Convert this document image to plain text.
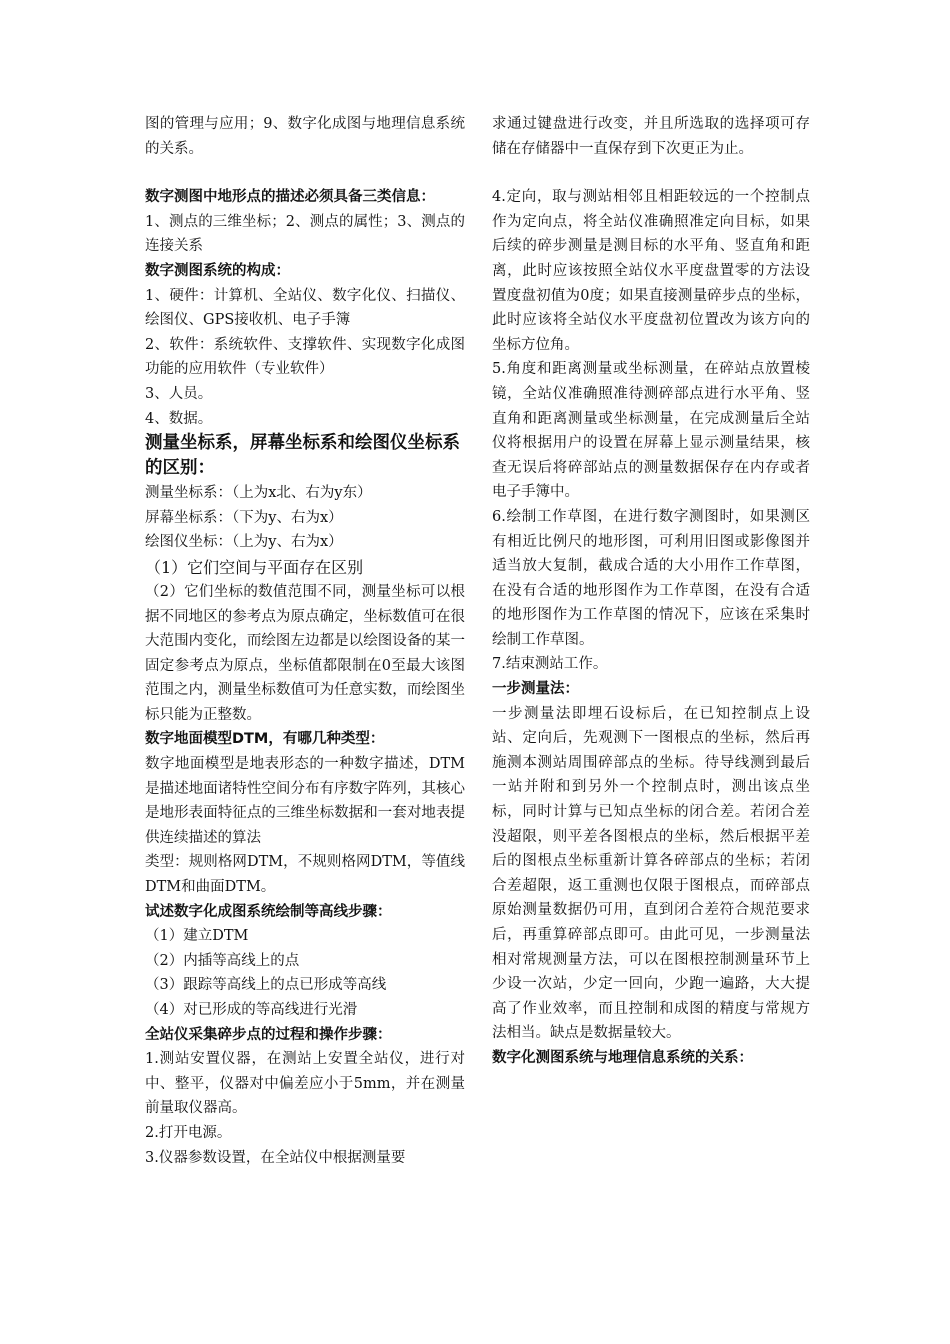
图的管理与应用；9、数字化成图与地理信息系统的关系。
数字测图中地形点的描述必须具备三类信息：
1、测点的三维坐标；2、测点的属性；3、测点的连接关系
数字测图系统的构成：
1、硬件：计算机、全站仪、数字化仪、扫描仪、绘图仪、GPS接收机、电子手簿
2、软件：系统软件、支撑软件、实现数字化成图功能的应用软件（专业软件）
3、人员。
4、数据。
测量坐标系，屏幕坐标系和绘图仪坐标系的区别：
测量坐标系：（上为x北、右为y东）
屏幕坐标系：（下为y、右为x）
绘图仪坐标：（上为y、右为x）
（1）它们空间与平面存在区别
（2）它们坐标的数值范围不同，测量坐标可以根据不同地区的参考点为原点确定，坐标数值可在很大范围内变化，而绘图左边都是以绘图设备的某一固定参考点为原点，坐标值都限制在0至最大该图范围之内，测量坐标数值可为任意实数，而绘图坐标只能为正整数。
数字地面模型DTM，有哪几种类型：
数字地面模型是地表形态的一种数字描述，DTM是描述地面诸特性空间分布有序数字阵列，其核心是地形表面特征点的三维坐标数据和一套对地表提供连续描述的算法
类型：规则格网DTM，不规则格网DTM，等值线DTM和曲面DTM。
试述数字化成图系统绘制等高线步骤：
（1）建立DTM
（2）内插等高线上的点
（3）跟踪等高线上的点已形成等高线
（4）对已形成的等高线进行光滑
全站仪采集碎步点的过程和操作步骤：
1.测站安置仪器，在测站上安置全站仪，进行对中、整平，仪器对中偏差应小于5mm，并在测量前量取仪器高。
2.打开电源。
3.仪器参数设置，在全站仪中根据测量要
求通过键盘进行改变，并且所选取的选择项可存储在存储器中一直保存到下次更正为止。
4.定向，取与测站相邻且相距较远的一个控制点作为定向点，将全站仪准确照准定向目标，如果后续的碎步测量是测目标的水平角、竖直角和距离，此时应该按照全站仪水平度盘置零的方法设置度盘初值为0度；如果直接测量碎步点的坐标，此时应该将全站仪水平度盘初位置改为该方向的坐标方位角。
5.角度和距离测量或坐标测量，在碎站点放置棱镜，全站仪准确照准待测碎部点进行水平角、竖直角和距离测量或坐标测量，在完成测量后全站仪将根据用户的设置在屏幕上显示测量结果，核查无误后将碎部站点的测量数据保存在内存或者电子手簿中。
6.绘制工作草图，在进行数字测图时，如果测区有相近比例尺的地形图，可利用旧图或影像图并适当放大复制，截成合适的大小用作工作草图，在没有合适的地形图作为工作草图，在没有合适的地形图作为工作草图的情况下，应该在采集时绘制工作草图。
7.结束测站工作。
一步测量法：
一步测量法即埋石设标后，在已知控制点上设站、定向后，先观测下一图根点的坐标，然后再施测本测站周围碎部点的坐标。待导线测到最后一站并附和到另外一个控制点时，测出该点坐标，同时计算与已知点坐标的闭合差。若闭合差没超限，则平差各图根点的坐标，然后根据平差后的图根点坐标重新计算各碎部点的坐标；若闭合差超限，返工重测也仅限于图根点，而碎部点原始测量数据仍可用，直到闭合差符合规范要求后，再重算碎部点即可。由此可见，一步测量法相对常规测量方法，可以在图根控制测量环节上少设一次站，少定一回向，少跑一遍路，大大提高了作业效率，而且控制和成图的精度与常规方法相当。缺点是数据量较大。
数字化测图系统与地理信息系统的关系：
